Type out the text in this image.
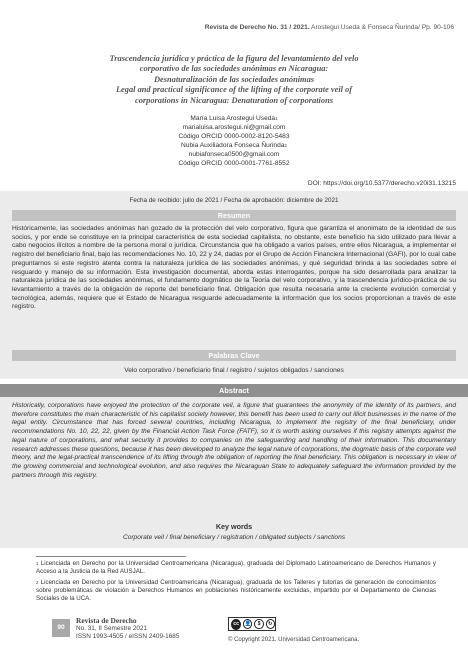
Revista de Derecho No. 31 / 2021. Arostegui Useda & Fonseca Ñurinda/ Pp. 90-106
Trascendencia jurídica y práctica de la figura del levantamiento del velo
corporativo de las sociedades anónimas en Nicaragua:
Desnaturalización de las sociedades anónimas
Legal and practical significance of the lifting of the corporate veil of
corporations in Nicaragua: Denaturation of corporations
María Luisa Arostegui Useda$^1$
marialuisa.arostegui.ni@gmail.com
Código ORCID 0000-0002-8120-5483
Nubia Auxiliadora Fonseca Ñurinda$^2$
nubiafonseca0500@gmail.com
Código ORCID 0000-0001-7761-8552
DOI: https://doi.org/10.5377/derecho.v20i31.13215
Fecha de recibido: julio de 2021 / Fecha de aprobación: diciembre de 2021
Resumen
Históricamente, las sociedades anónimas han gozado de la protección del velo corporativo, figura que garantiza el anonimato de la identidad de sus socios, y por ende se constituye en la principal característica de esta sociedad capitalista, no obstante, este beneficio ha sido utilizado para llevar a cabo negocios ilícitos a nombre de la persona moral o jurídica. Circunstancia que ha obligado a varios países, entre ellos Nicaragua, a implementar el registro del beneficiario final, bajo las recomendaciones No. 10, 22 y 24, dadas por el Grupo de Acción Financiera Internacional (GAFI), por lo cual cabe preguntarnos si este registro atenta contra la naturaleza jurídica de las sociedades anónimas, y qué seguridad brinda a las sociedades sobre el resguardo y manejo de su información. Esta investigación documental, aborda estas interrogantes, porque ha sido desarrollada para analizar la naturaleza jurídica de las sociedades anónimas, el fundamento dogmático de la Teoría del velo corporativo, y la trascendencia jurídico-práctica de su levantamiento a través de la obligación de reporte del beneficiario final. Obligación que resulta necesaria ante la creciente evolución comercial y tecnológica, además, requiere que el Estado de Nicaragua resguarde adecuadamente la información que los socios proporcionan a través de este registro.
Palabras Clave
Velo corporativo / beneficiario final / registro / sujetos obligados / sanciones
Abstract
Historically, corporations have enjoyed the protection of the corporate veil, a figure that guarantees the anonymity of the identity of its partners, and therefore constitutes the main characteristic of his capitalist society however, this benefit has been used to carry out illicit businesses in the name of the legal entity. Circumstance that has forced several countries, including Nicaragua, to implement the registry of the final beneficiary, under recommendations No. 10, 22, 22, given by the Financial Action Task Force (FATF), so it is worth asking ourselves if this registry attempts against the legal nature of corporations, and what security it provides to companies on the safeguarding and handling of their information. This documentary research addresses these questions, because it has been developed to analyze the legal nature of corporations, the dogmatic basis of the corporate veil theory, and the legal-practical transcendence of its lifting through the obligation of reporting the final beneficiary. This obligation is necessary in view of the growing commercial and technological evolution, and also requires the Nicaraguan State to adequately safeguard the information provided by the partners through this registry.
Key words
Corporate veil / final beneficiary / registration / obligated subjects / sanctions
$^1$ Licenciada en Derecho por la Universidad Centroamericana (Nicaragua), graduada del Diplomado Latinoamericano de Derechos Humanos y Acceso a la Justicia de la Red AUSJAL.
$^2$ Licenciada en Derecho por la Universidad Centroamericana (Nicaragua), graduada de los Talleres y tutorías de generación de conocimientos sobre problemáticas de violación a Derechos Humanos en poblaciones históricamente excluidas, impartido por el Departamento de Ciencias Sociales de la UCA.
90
Revista de Derecho
No. 31, II Semestre 2021
ISSN 1993-4505 / eISSN 2409-1685
cc	👤	$	↻
© Copyright 2021. Universidad Centroamericana.
